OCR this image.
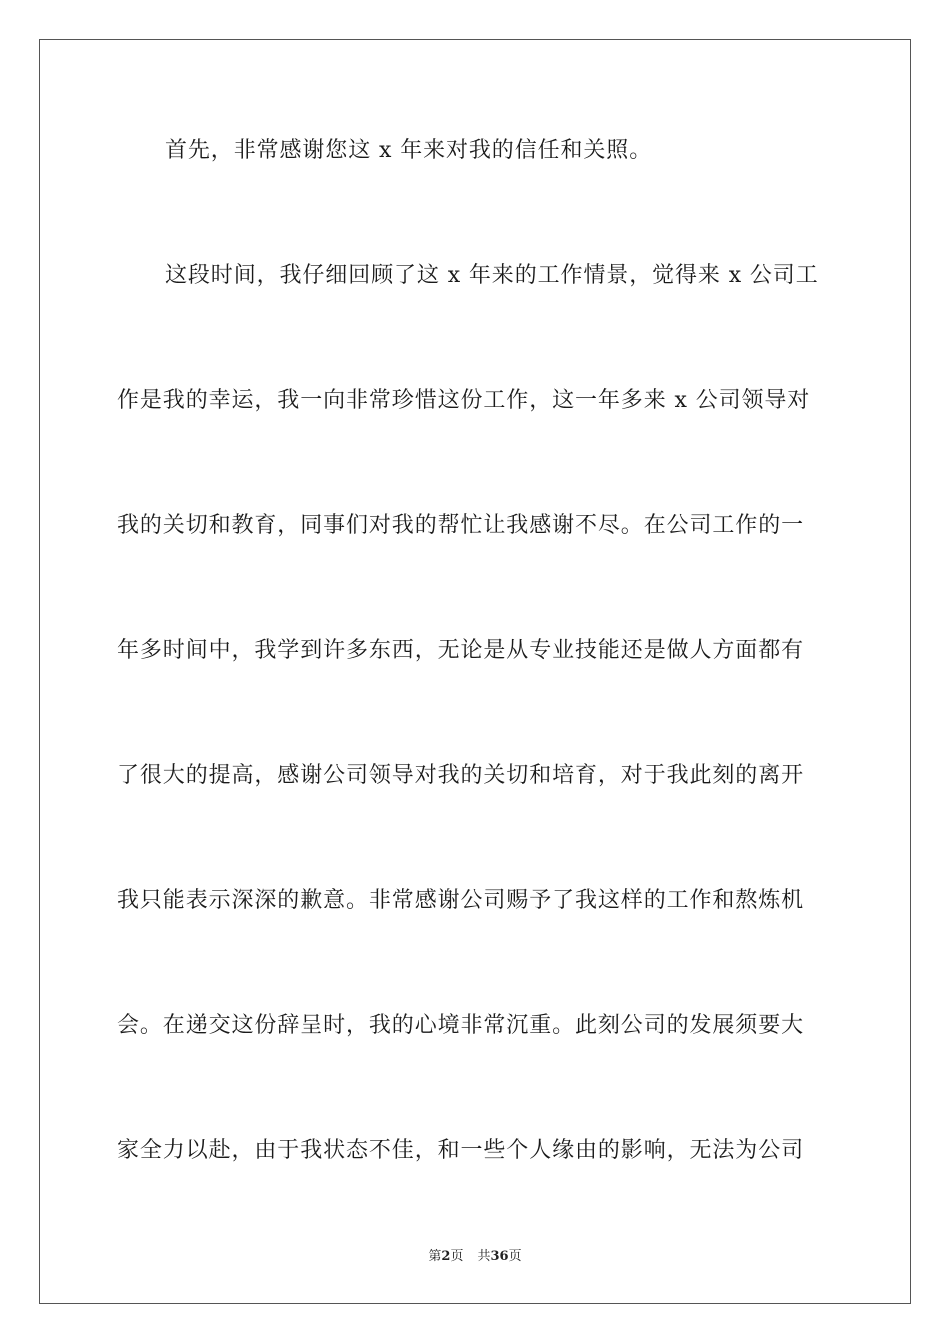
首先，非常感谢您这 x 年来对我的信任和关照。

这段时间，我仔细回顾了这 x 年来的工作情景，觉得来 x 公司工

作是我的幸运，我一向非常珍惜这份工作，这一年多来 x 公司领导对

我的关切和教育，同事们对我的帮忙让我感谢不尽。在公司工作的一

年多时间中，我学到许多东西，无论是从专业技能还是做人方面都有

了很大的提高，感谢公司领导对我的关切和培育，对于我此刻的离开

我只能表示深深的歉意。非常感谢公司赐予了我这样的工作和熬炼机

会。在递交这份辞呈时，我的心境非常沉重。此刻公司的发展须要大

家全力以赴，由于我状态不佳，和一些个人缘由的影响，无法为公司

第2页 共36页
